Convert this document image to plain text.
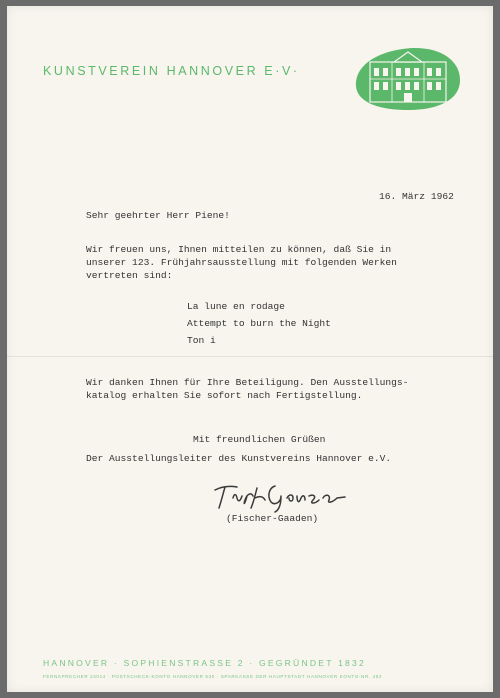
KUNSTVEREIN HANNOVER E·V·
16. März 1962
Sehr geehrter Herr Piene!
Wir freuen uns, Ihnen mitteilen zu können, daß Sie in
unserer 123. Frühjahrsausstellung mit folgenden Werken
vertreten sind:
La lune en rodage
Attempt to burn the Night
Ton i
Wir danken Ihnen für Ihre Beteiligung. Den Ausstellungs-
katalog erhalten Sie sofort nach Fertigstellung.
Mit freundlichen Grüßen
Der Ausstellungsleiter des Kunstvereins Hannover e.V.
(Fischer-Gaaden)
HANNOVER · SOPHIENSTRASSE 2 · GEGRÜNDET 1832
FERNSPRECHER 24014 · POSTSCHECK-KONTO HANNOVER 530 · SPARKASSE DER HAUPTSTADT HANNOVER KONTO-NR. 452
